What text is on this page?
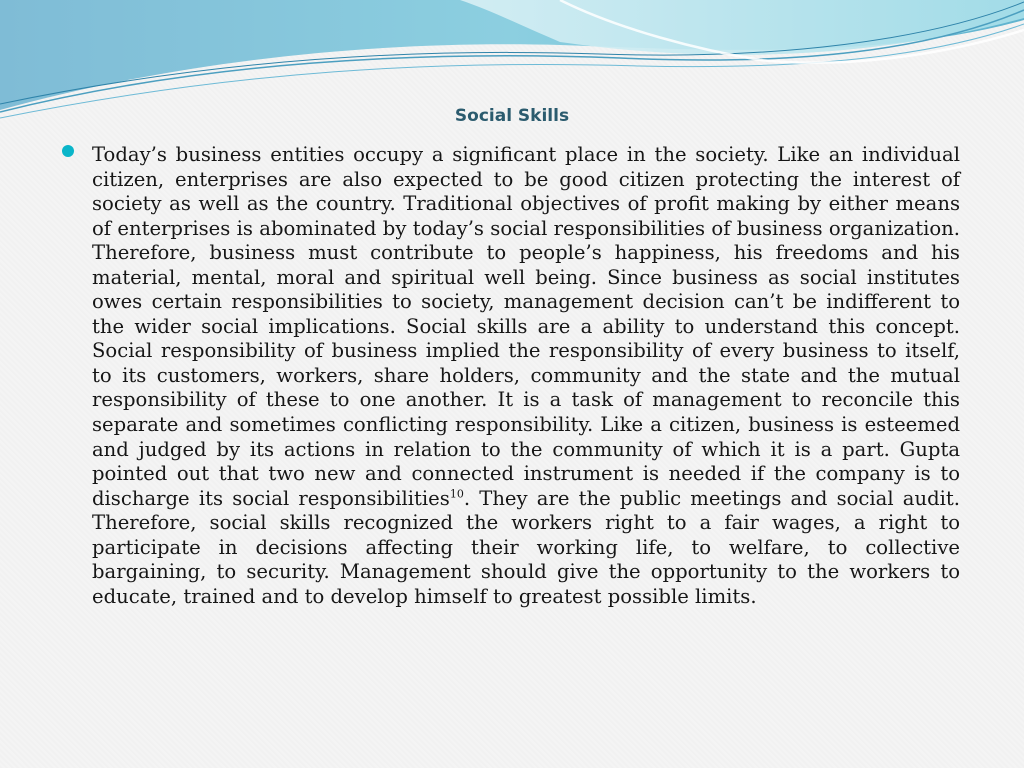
Social Skills

Today’s business entities occupy a significant place in the society. Like an individual citizen, enterprises are also expected to be good citizen protecting the interest of society as well as the country. Traditional objectives of profit making by either means of enterprises is abominated by today’s social responsibilities of business organization. Therefore, business must contribute to people’s happiness, his freedoms and his material, mental, moral and spiritual well being. Since business as social institutes owes certain responsibilities to society, management decision can’t be indifferent to the wider social implications. Social skills are a ability to understand this concept. Social responsibility of business implied the responsibility of every business to itself, to its customers, workers, share holders, community and the state and the mutual responsibility of these to one another. It is a task of management to reconcile this separate and sometimes conflicting responsibility. Like a citizen, business is esteemed and judged by its actions in relation to the community of which it is a part. Gupta pointed out that two new and connected instrument is needed if the company is to discharge its social responsibilities$^{10}$. They are the public meetings and social audit. Therefore, social skills recognized the workers right to a fair wages, a right to participate in decisions affecting their working life, to welfare, to collective bargaining, to security. Management should give the opportunity to the workers to educate, trained and to develop himself to greatest possible limits.
